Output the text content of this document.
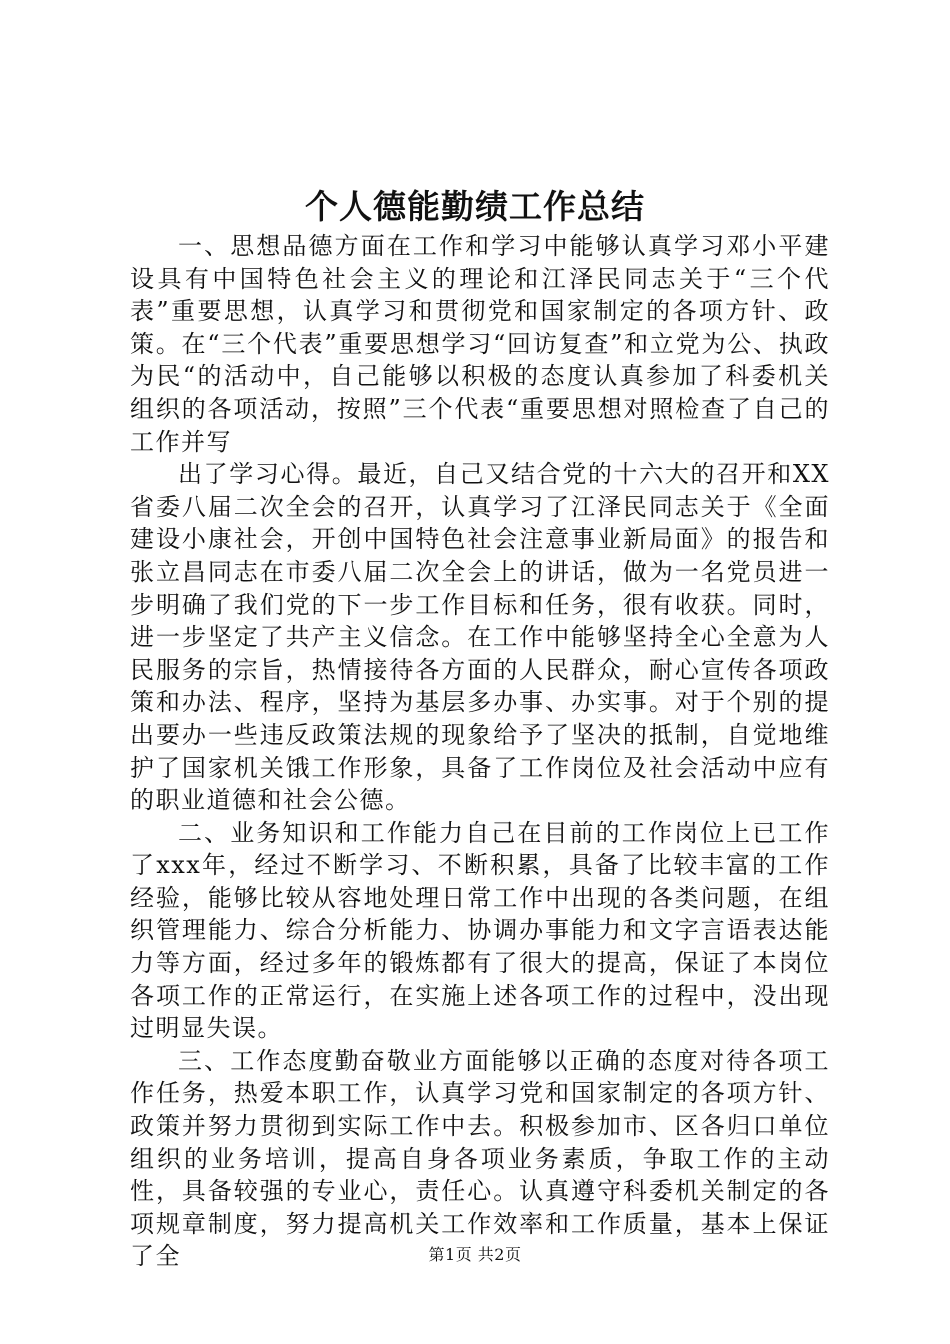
个人德能勤绩工作总结

一、思想品德方面在工作和学习中能够认真学习邓小平建设具有中国特色社会主义的理论和江泽民同志关于“三个代表”重要思想，认真学习和贯彻党和国家制定的各项方针、政策。在“三个代表”重要思想学习“回访复查”和立党为公、执政为民“的活动中，自己能够以积极的态度认真参加了科委机关组织的各项活动，按照”三个代表“重要思想对照检查了自己的工作并写

出了学习心得。最近，自己又结合党的十六大的召开和XX省委八届二次全会的召开，认真学习了江泽民同志关于《全面建设小康社会，开创中国特色社会注意事业新局面》的报告和张立昌同志在市委八届二次全会上的讲话，做为一名党员进一步明确了我们党的下一步工作目标和任务，很有收获。同时，进一步坚定了共产主义信念。在工作中能够坚持全心全意为人民服务的宗旨，热情接待各方面的人民群众，耐心宣传各项政策和办法、程序，坚持为基层多办事、办实事。对于个别的提出要办一些违反政策法规的现象给予了坚决的抵制，自觉地维护了国家机关饿工作形象，具备了工作岗位及社会活动中应有的职业道德和社会公德。

二、业务知识和工作能力自己在目前的工作岗位上已工作了xxx年，经过不断学习、不断积累，具备了比较丰富的工作经验，能够比较从容地处理日常工作中出现的各类问题，在组织管理能力、综合分析能力、协调办事能力和文字言语表达能力等方面，经过多年的锻炼都有了很大的提高，保证了本岗位各项工作的正常运行，在实施上述各项工作的过程中，没出现过明显失误。

三、工作态度勤奋敬业方面能够以正确的态度对待各项工作任务，热爱本职工作，认真学习党和国家制定的各项方针、政策并努力贯彻到实际工作中去。积极参加市、区各归口单位组织的业务培训，提高自身各项业务素质，争取工作的主动性，具备较强的专业心，责任心。认真遵守科委机关制定的各项规章制度，努力提高机关工作效率和工作质量，基本上保证了全	第1页 共2页
